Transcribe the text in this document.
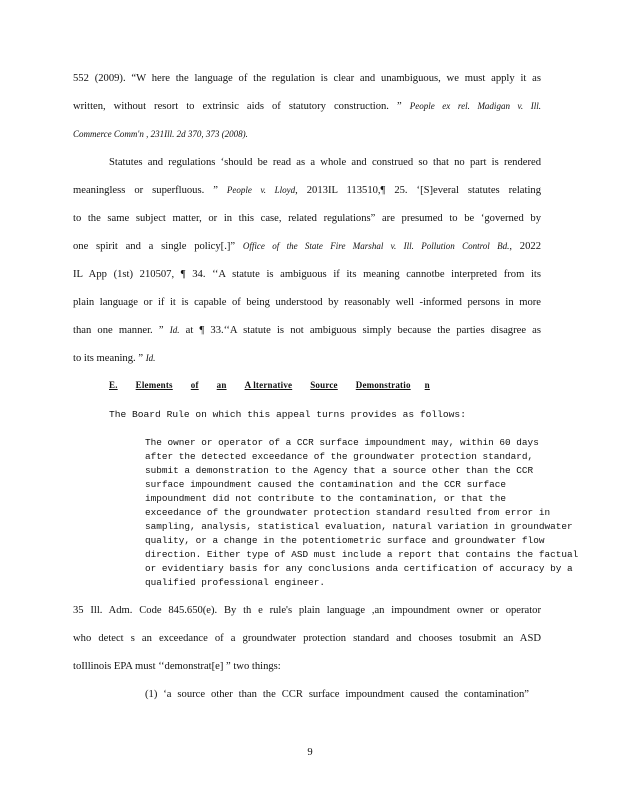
552 (2009). “W here the language of the regulation is clear and unambiguous, we must apply it as
written, without resort to extrinsic aids of statutory construction. ” People ex rel. Madigan v. Ill.
Commerce Comm'n , 231Ill. 2d 370, 373 (2008).
Statutes and regulations ‘should be read as a whole and construed so that no part is rendered
meaningless or superfluous. ” People v. Lloyd, 2013IL 113510,¶ 25. ‘[S]everal statutes relating
to the same subject matter, or in this case, related regulations” are presumed to be ‘governed by
one spirit and a single policy[.]” Office of the State Fire Marshal v. Ill. Pollution Control Bd., 2022
IL App (1st) 210507, ¶ 34. ‘‘A statute is ambiguous if its meaning cannotbe interpreted from its
plain language or if it is capable of being understood by reasonably well -informed persons in more
than one manner. ” Id. at ¶ 33.‘‘A statute is not ambiguous simply because the parties disagree as
to its meaning. ” Id.
E. Elements of an A lternative Source Demonstratio n
The Board Rule on which this appeal turns provides as follows:
The owner or operator of a CCR surface impoundment may, within 60 days
after the detected exceedance of the groundwater protection standard,
submit a demonstration to the Agency that a source other than the CCR
surface impoundment caused the contamination and the CCR surface
impoundment did not contribute to the contamination, or that the
exceedance of the groundwater protection standard resulted from error in
sampling, analysis, statistical evaluation, natural variation in groundwater
quality, or a change in the potentiometric surface and groundwater flow
direction. Either type of ASD must include a report that contains the factual
or evidentiary basis for any conclusions anda certification of accuracy by a
qualified professional engineer.
35 Ill. Adm. Code 845.650(e). By th e rule's plain language ,an impoundment owner or operator
who detect s an exceedance of a groundwater protection standard and chooses tosubmit an ASD
toIllinois EPA must ‘‘demonstrat[e] ” two things:
(1) ‘a source other than the CCR surface impoundment caused the contamination”
9
